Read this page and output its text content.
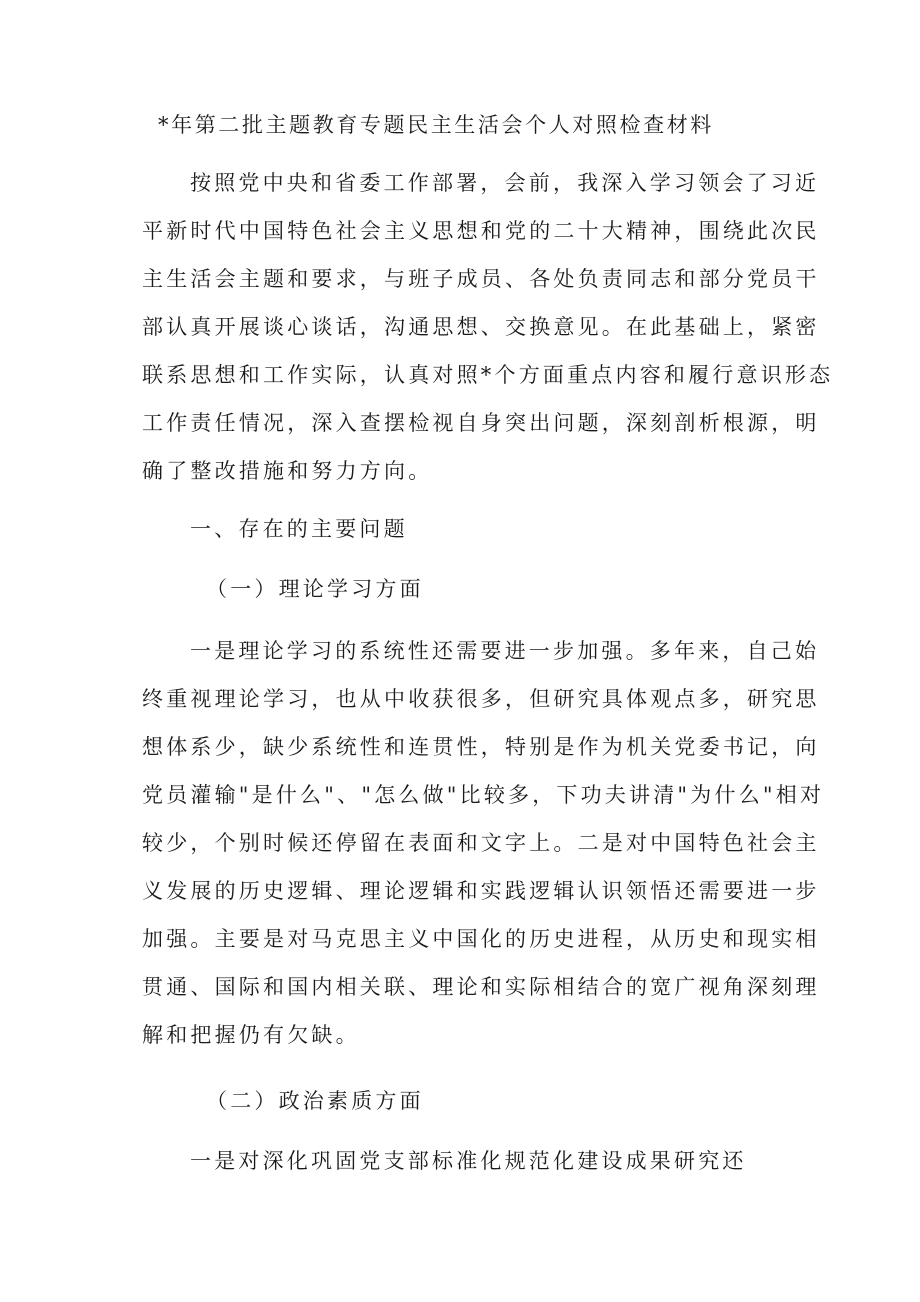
*年第二批主题教育专题民主生活会个人对照检查材料
按照党中央和省委工作部署，会前，我深入学习领会了习近
平新时代中国特色社会主义思想和党的二十大精神，围绕此次民
主生活会主题和要求，与班子成员、各处负责同志和部分党员干
部认真开展谈心谈话，沟通思想、交换意见。在此基础上，紧密
联系思想和工作实际，认真对照*个方面重点内容和履行意识形态
工作责任情况，深入查摆检视自身突出问题，深刻剖析根源，明
确了整改措施和努力方向。
一、存在的主要问题
（一）理论学习方面
一是理论学习的系统性还需要进一步加强。多年来，自己始
终重视理论学习，也从中收获很多，但研究具体观点多，研究思
想体系少，缺少系统性和连贯性，特别是作为机关党委书记，向
党员灌输"是什么"、"怎么做"比较多，下功夫讲清"为什么"相对
较少，个别时候还停留在表面和文字上。二是对中国特色社会主
义发展的历史逻辑、理论逻辑和实践逻辑认识领悟还需要进一步
加强。主要是对马克思主义中国化的历史进程，从历史和现实相
贯通、国际和国内相关联、理论和实际相结合的宽广视角深刻理
解和把握仍有欠缺。
（二）政治素质方面
一是对深化巩固党支部标准化规范化建设成果研究还
